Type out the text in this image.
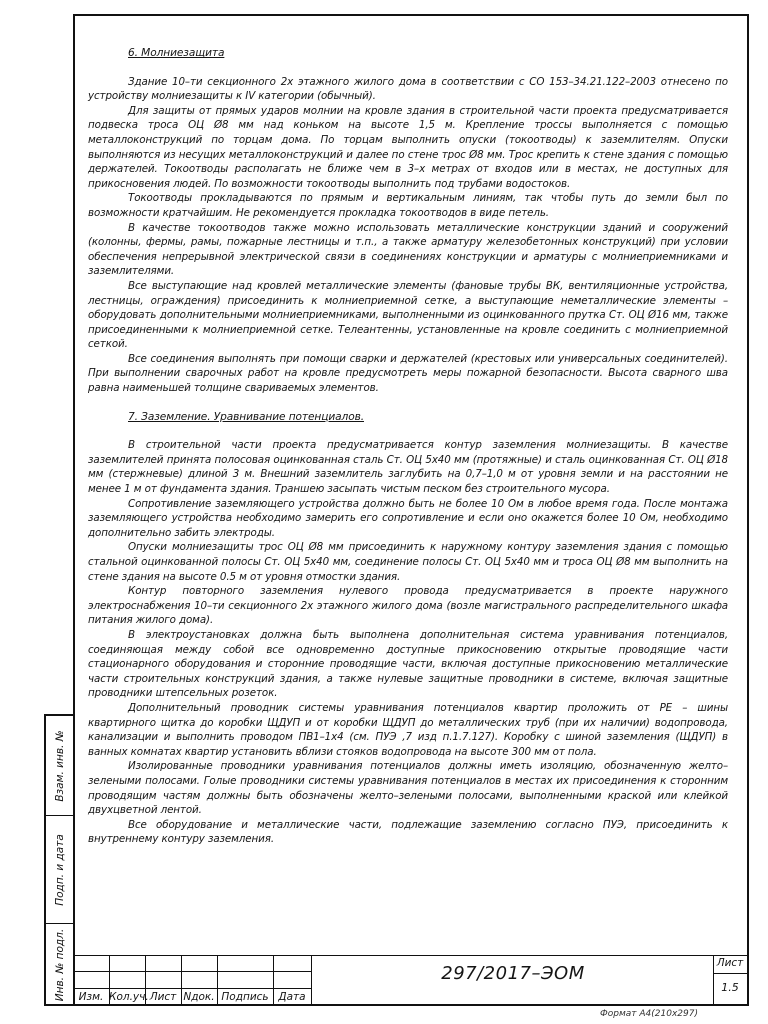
6. Молниезащита

Здание 10–ти секционного 2х этажного жилого дома в соответствии с СО 153–34.21.122–2003 отнесено по устройству молниезащиты к IV категории (обычный).

Для защиты от прямых ударов молнии на кровле здания в строительной части проекта предусматривается подвеска троса ОЦ Ø8 мм над коньком на высоте 1,5 м. Крепление троссы выполняется с помощью металлоконструкций по торцам дома. По торцам выполнить опуски (токоотводы) к заземлителям. Опуски выполняются из несущих металлоконструкций и далее по стене трос Ø8 мм. Трос крепить к стене здания с помощью держателей. Токоотводы располагать не ближе чем в 3–х метрах от входов или в местах, не доступных для прикосновения людей. По возможности токоотводы выполнить под трубами водостоков.

Токоотводы прокладываются по прямым и вертикальным линиям, так чтобы путь до земли был по возможности кратчайшим. Не рекомендуется прокладка токоотводов в виде петель.

В качестве токоотводов также можно использовать металлические конструкции зданий и сооружений (колонны, фермы, рамы, пожарные лестницы и т.п., а также арматуру железобетонных конструкций) при условии обеспечения непрерывной электрической связи в соединениях конструкции и арматуры с молниеприемниками и заземлителями.

Все выступающие над кровлей металлические элементы (фановые трубы ВК, вентиляционные устройства, лестницы, ограждения) присоединить к молниеприемной сетке, а выступающие неметаллические элементы – оборудовать дополнительными молниеприемниками, выполненными из оцинкованного прутка Ст. ОЦ Ø16 мм, также присоединенными к молниеприемной сетке. Телеантенны, установленные на кровле соединить с молниеприемной сеткой.

Все соединения выполнять при помощи сварки и держателей (крестовых или универсальных соединителей). При выполнении сварочных работ на кровле предусмотреть меры пожарной безопасности. Высота сварного шва равна наименьшей толщине свариваемых элементов.

7. Заземление. Уравнивание потенциалов.

В строительной части проекта предусматривается контур заземления молниезащиты. В качестве заземлителей принята полосовая оцинкованная сталь Ст. ОЦ 5х40 мм (протяжные) и сталь оцинкованная Ст. ОЦ Ø18 мм (стержневые) длиной 3 м. Внешний заземлитель заглубить на 0,7–1,0 м от уровня земли и на расстоянии не менее 1 м от фундамента здания. Траншею засыпать чистым песком без строительного мусора.

Сопротивление заземляющего устройства должно быть не более 10 Ом в любое время года. После монтажа заземляющего устройства необходимо замерить его сопротивление и если оно окажется более 10 Ом, необходимо дополнительно забить электроды.

Опуски молниезащиты трос ОЦ Ø8 мм присоединить к наружному контуру заземления здания с помощью стальной оцинкованной полосы Ст. ОЦ 5х40 мм, соединение полосы Ст. ОЦ 5х40 мм и троса ОЦ Ø8 мм выполнить на стене здания на высоте 0.5 м от уровня отмостки здания.

Контур повторного заземления нулевого провода предусматривается в проекте наружного электроснабжения 10–ти секционного 2х этажного жилого дома (возле магистрального распределительного шкафа питания жилого дома).

В электроустановках должна быть выполнена дополнительная система уравнивания потенциалов, соединяющая между собой все одновременно доступные прикосновению открытые проводящие части стационарного оборудования и сторонние проводящие части, включая доступные прикосновению металлические части строительных конструкций здания, а также нулевые защитные проводники в системе, включая защитные проводники штепсельных розеток.

Дополнительный проводник системы уравнивания потенциалов квартир проложить от PE – шины квартирного щитка до коробки ЩДУП и от коробки ЩДУП до металлических труб (при их наличии) водопровода, канализации и выполнить проводом ПВ1–1х4 (см. ПУЭ ,7 изд п.1.7.127). Коробку с шиной заземления (ЩДУП) в ванных комнатах квартир установить вблизи стояков водопровода на высоте 300 мм от пола.

Изолированные проводники уравнивания потенциалов должны иметь изоляцию, обозначенную желто–зелеными полосами. Голые проводники системы уравнивания потенциалов в местах их присоединения к сторонним проводящим частям должны быть обозначены желто–зелеными полосами, выполненными краской или клейкой двухцветной лентой.

Все оборудование и металлические части, подлежащие заземлению согласно ПУЭ, присоединить к внутреннему контуру заземления.

Взам. инв. №
Подп. и дата
Инв. № подл.	Изм. Кол.уч. Лист Nдок. Подпись Дата
297/2017–ЭОМ	Лист
1.5
Формат А4(210х297)
